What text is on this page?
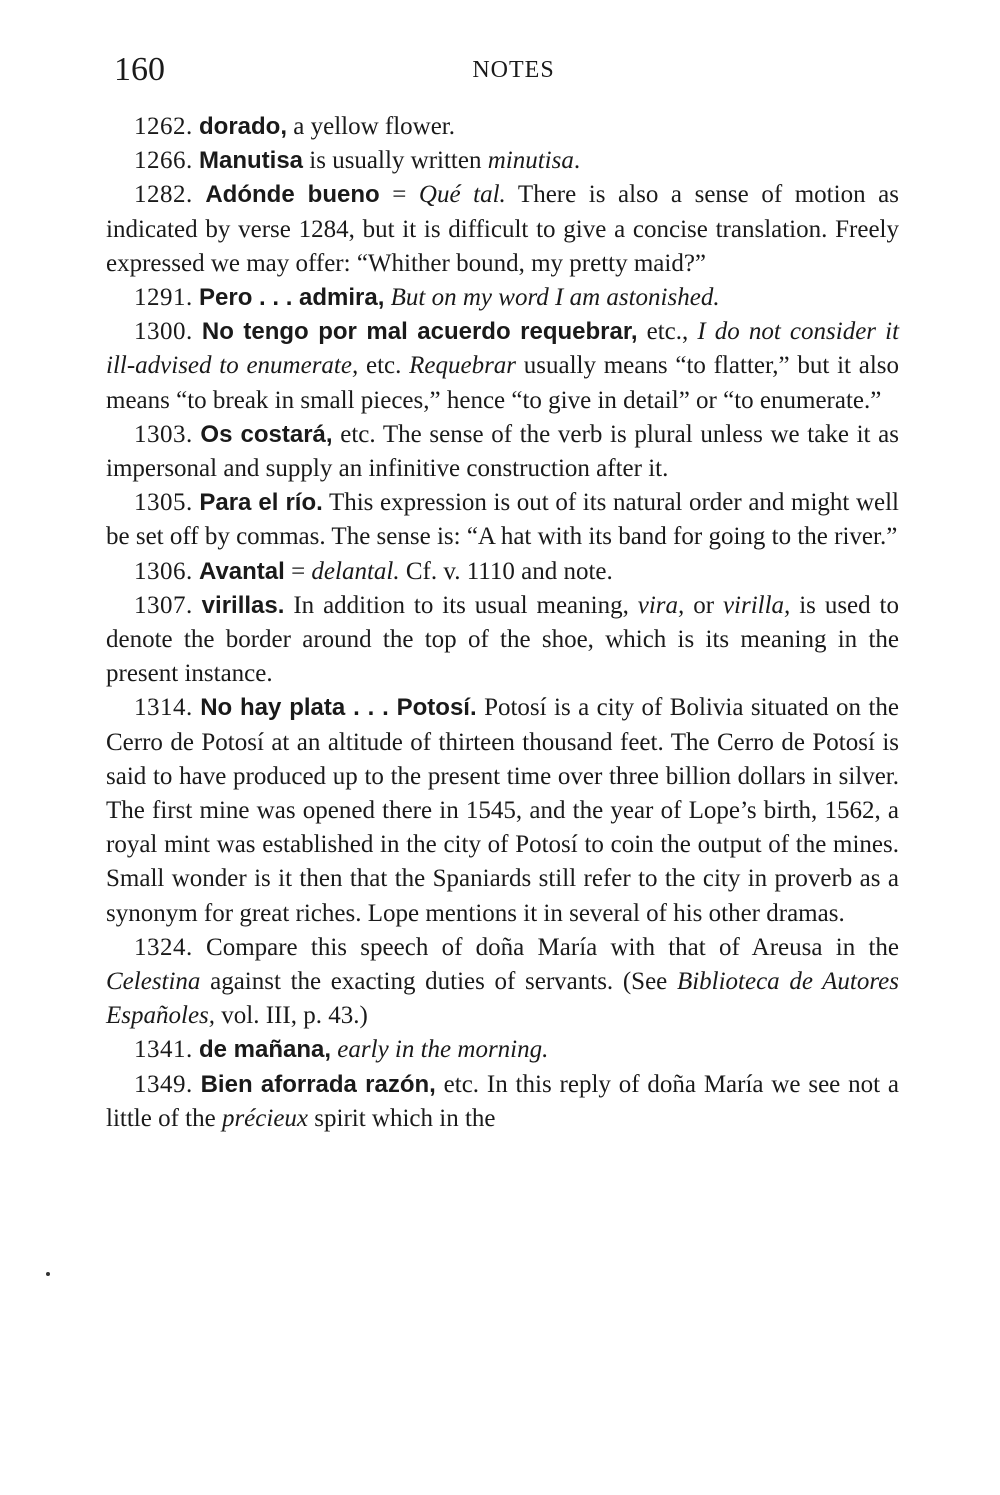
160	NOTES

1262. dorado, a yellow flower.

1266. Manutisa is usually written minutisa.

1282. Adónde bueno = Qué tal. There is also a sense of motion as indicated by verse 1284, but it is difficult to give a concise translation. Freely expressed we may offer: “Whither bound, my pretty maid?”

1291. Pero . . . admira, But on my word I am astonished.

1300. No tengo por mal acuerdo requebrar, etc., I do not consider it ill-advised to enumerate, etc. Requebrar usually means “to flatter,” but it also means “to break in small pieces,” hence “to give in detail” or “to enumerate.”

1303. Os costará, etc. The sense of the verb is plural unless we take it as impersonal and supply an infinitive construction after it.

1305. Para el río. This expression is out of its natural order and might well be set off by commas. The sense is: “A hat with its band for going to the river.”

1306. Avantal = delantal. Cf. v. 1110 and note.

1307. virillas. In addition to its usual meaning, vira, or virilla, is used to denote the border around the top of the shoe, which is its meaning in the present instance.

1314. No hay plata . . . Potosí. Potosí is a city of Bolivia situated on the Cerro de Potosí at an altitude of thirteen thousand feet. The Cerro de Potosí is said to have produced up to the present time over three billion dollars in silver. The first mine was opened there in 1545, and the year of Lope’s birth, 1562, a royal mint was established in the city of Potosí to coin the output of the mines. Small wonder is it then that the Spaniards still refer to the city in proverb as a synonym for great riches. Lope mentions it in several of his other dramas.

1324. Compare this speech of doña María with that of Areusa in the Celestina against the exacting duties of servants. (See Biblioteca de Autores Españoles, vol. III, p. 43.)

1341. de mañana, early in the morning.

1349. Bien aforrada razón, etc. In this reply of doña María we see not a little of the précieux spirit which in the
